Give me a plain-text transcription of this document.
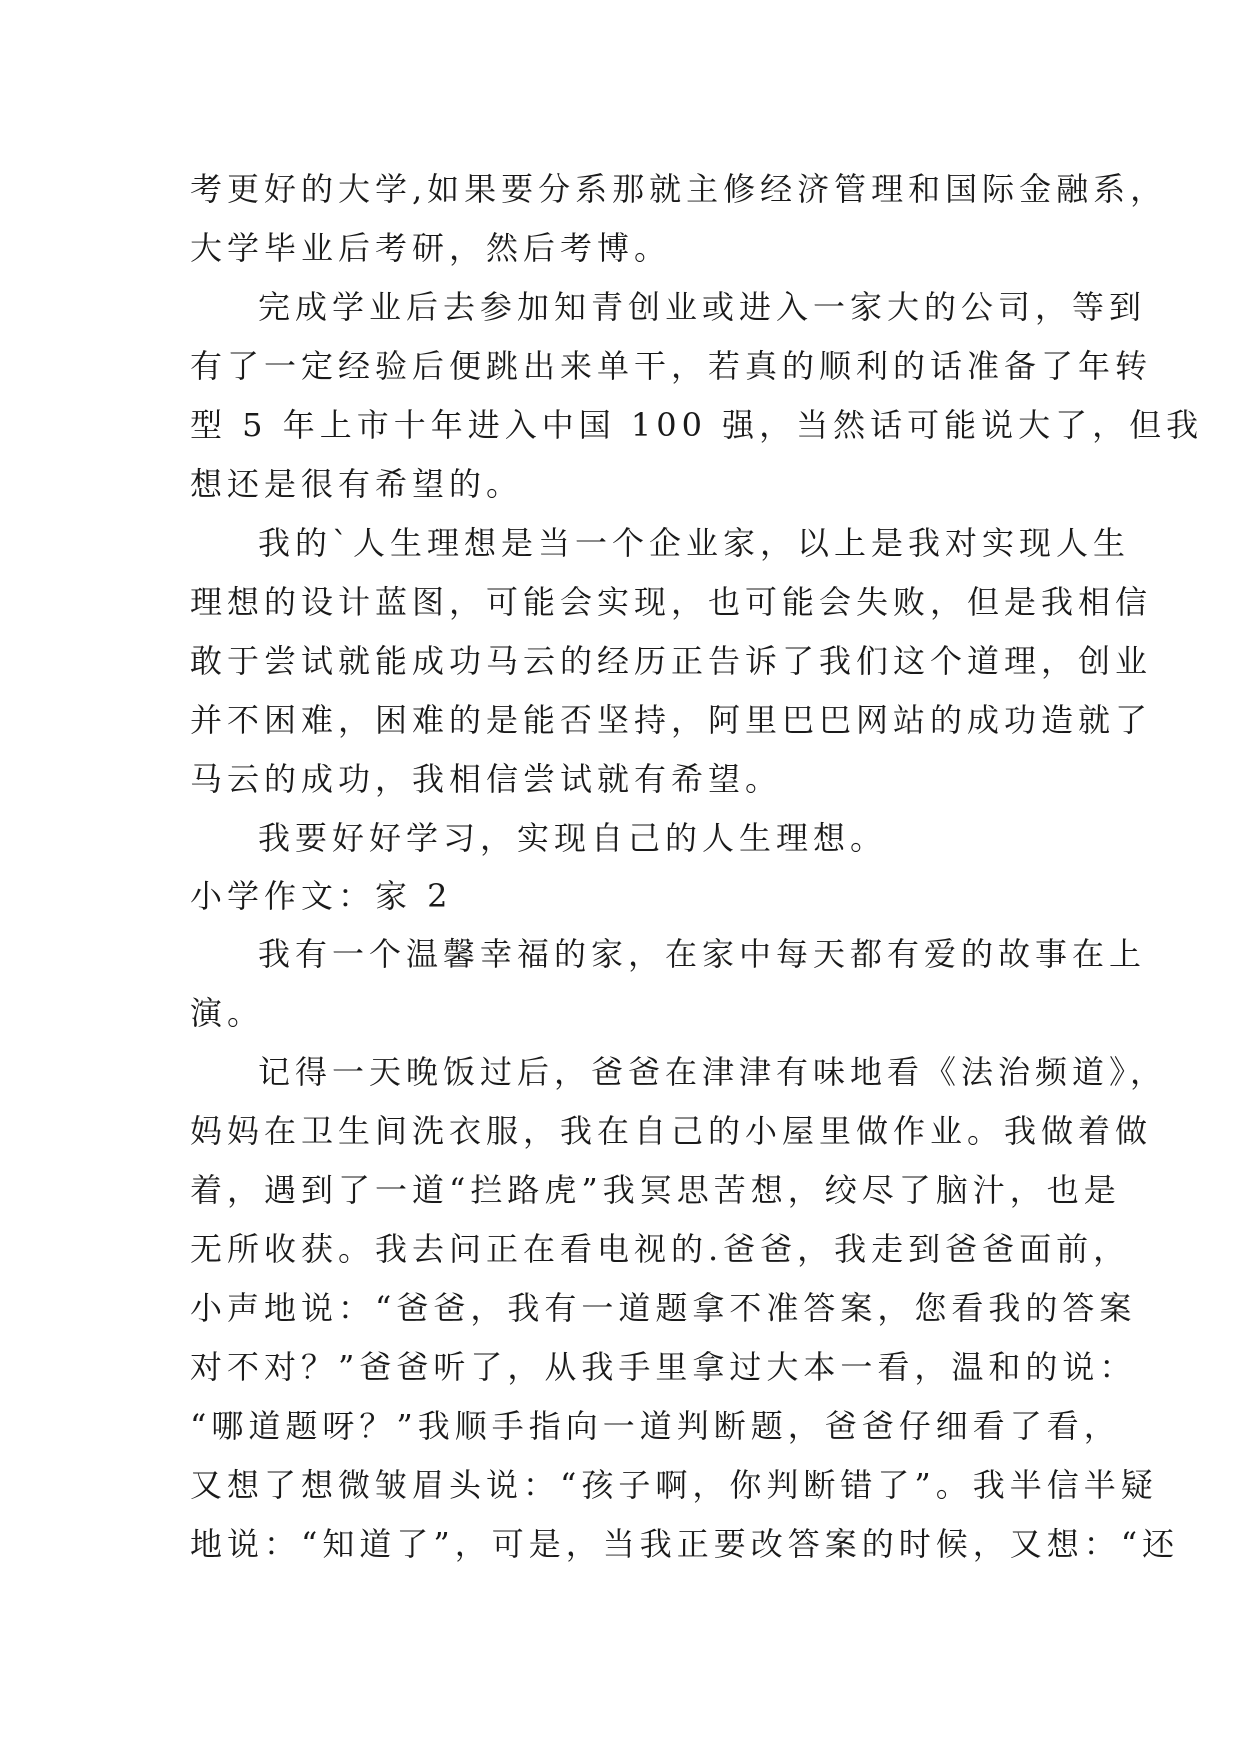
考更好的大学,如果要分系那就主修经济管理和国际金融系，
大学毕业后考研，然后考博。
完成学业后去参加知青创业或进入一家大的公司，等到
有了一定经验后便跳出来单干，若真的顺利的话准备了年转
型 5 年上市十年进入中国 100 强，当然话可能说大了，但我
想还是很有希望的。
我的`人生理想是当一个企业家，以上是我对实现人生
理想的设计蓝图，可能会实现，也可能会失败，但是我相信
敢于尝试就能成功马云的经历正告诉了我们这个道理，创业
并不困难，困难的是能否坚持，阿里巴巴网站的成功造就了
马云的成功，我相信尝试就有希望。
我要好好学习，实现自己的人生理想。
小学作文：家 2
我有一个温馨幸福的家，在家中每天都有爱的故事在上
演。
记得一天晚饭过后，爸爸在津津有味地看《法治频道》，
妈妈在卫生间洗衣服，我在自己的小屋里做作业。我做着做
着，遇到了一道“拦路虎”我冥思苦想，绞尽了脑汁，也是
无所收获。我去问正在看电视的.爸爸，我走到爸爸面前，
小声地说：“爸爸，我有一道题拿不准答案，您看我的答案
对不对？”爸爸听了，从我手里拿过大本一看，温和的说：
“哪道题呀？”我顺手指向一道判断题，爸爸仔细看了看，
又想了想微皱眉头说：“孩子啊，你判断错了”。我半信半疑
地说：“知道了”，可是，当我正要改答案的时候，又想：“还
